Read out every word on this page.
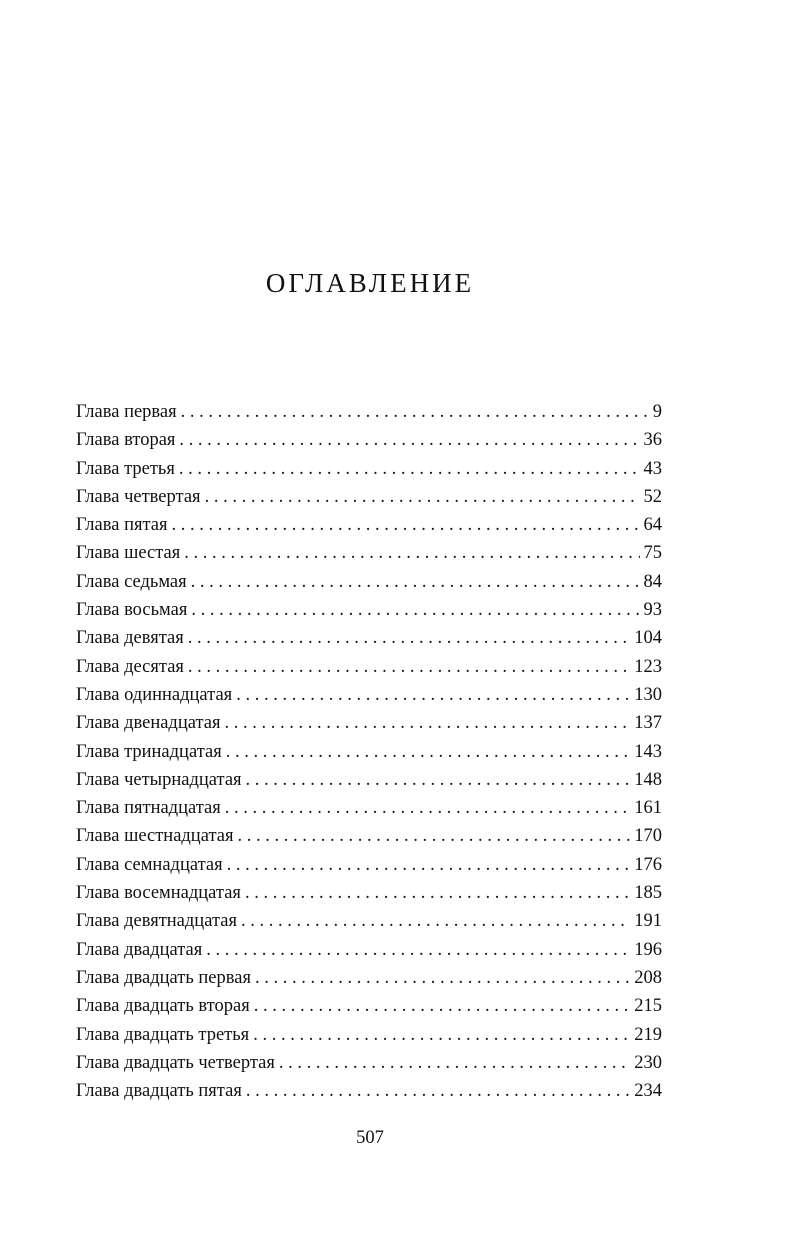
ОГЛАВЛЕНИЕ
Глава первая . . .	9
Глава вторая . . .	36
Глава третья . . .	43
Глава четвертая . . .	52
Глава пятая . . .	64
Глава шестая . . .	75
Глава седьмая . . .	84
Глава восьмая . . .	93
Глава девятая . . .	104
Глава десятая . . .	123
Глава одиннадцатая . . .	130
Глава двенадцатая . . .	137
Глава тринадцатая . . .	143
Глава четырнадцатая . . .	148
Глава пятнадцатая . . .	161
Глава шестнадцатая . . .	170
Глава семнадцатая . . .	176
Глава восемнадцатая . . .	185
Глава девятнадцатая . . .	191
Глава двадцатая . . .	196
Глава двадцать первая . . .	208
Глава двадцать вторая . . .	215
Глава двадцать третья . . .	219
Глава двадцать четвертая . . .	230
Глава двадцать пятая . . .	234
507
